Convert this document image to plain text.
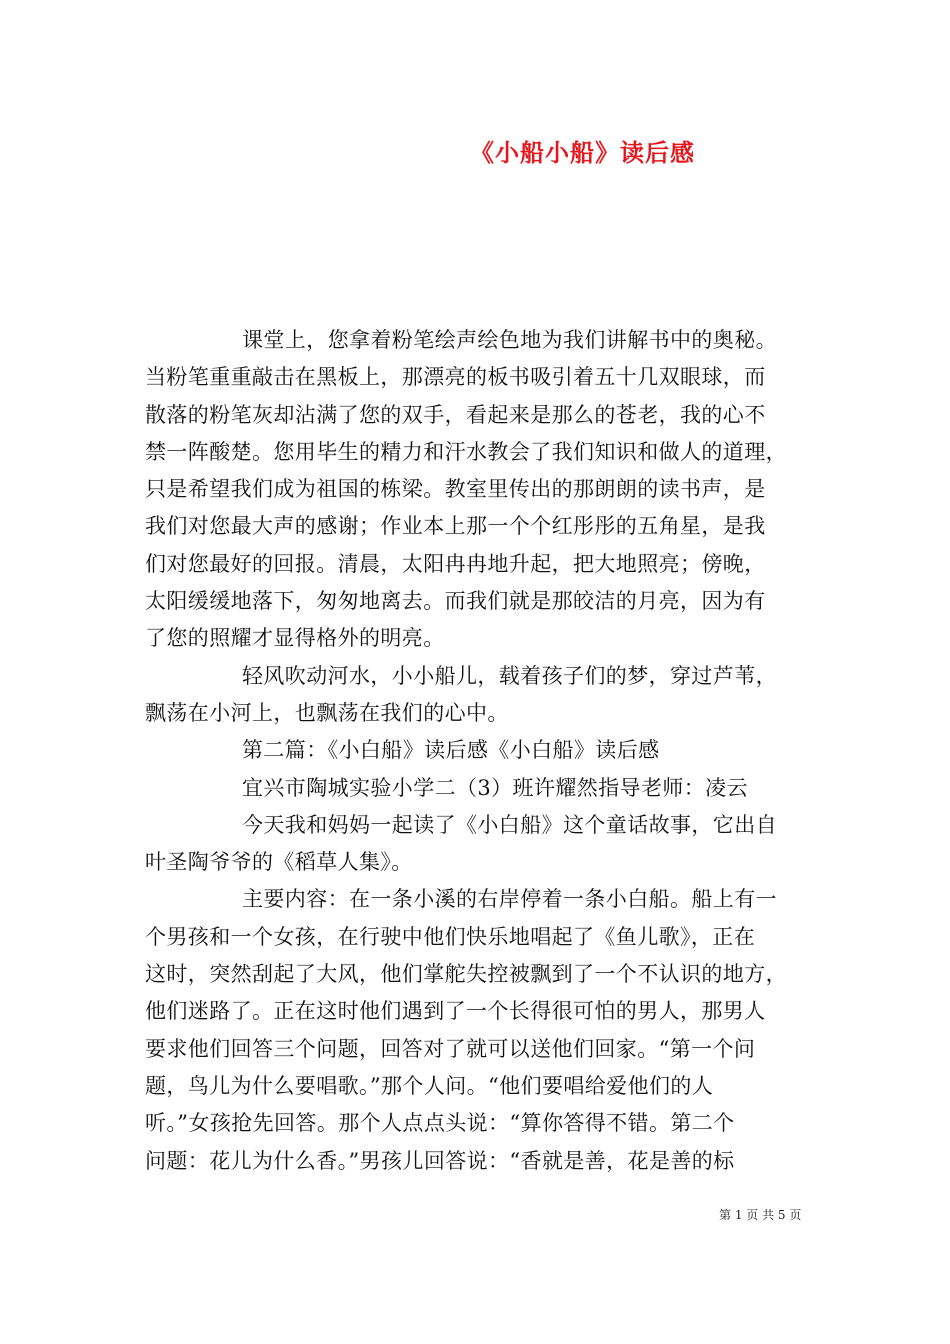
《小船小船》读后感
课堂上，您拿着粉笔绘声绘色地为我们讲解书中的奥秘。
当粉笔重重敲击在黑板上，那漂亮的板书吸引着五十几双眼球，而
散落的粉笔灰却沾满了您的双手，看起来是那么的苍老，我的心不
禁一阵酸楚。您用毕生的精力和汗水教会了我们知识和做人的道理，
只是希望我们成为祖国的栋梁。教室里传出的那朗朗的读书声，是
我们对您最大声的感谢；作业本上那一个个红彤彤的五角星，是我
们对您最好的回报。清晨，太阳冉冉地升起，把大地照亮；傍晚，
太阳缓缓地落下，匆匆地离去。而我们就是那皎洁的月亮，因为有
了您的照耀才显得格外的明亮。
轻风吹动河水，小小船儿，载着孩子们的梦，穿过芦苇，
飘荡在小河上，也飘荡在我们的心中。
第二篇：《小白船》读后感《小白船》读后感
宜兴市陶城实验小学二（3）班许耀然指导老师：凌云
今天我和妈妈一起读了《小白船》这个童话故事，它出自
叶圣陶爷爷的《稻草人集》。
主要内容：在一条小溪的右岸停着一条小白船。船上有一
个男孩和一个女孩，在行驶中他们快乐地唱起了《鱼儿歌》，正在
这时，突然刮起了大风，他们掌舵失控被飘到了一个不认识的地方，
他们迷路了。正在这时他们遇到了一个长得很可怕的男人，那男人
要求他们回答三个问题，回答对了就可以送他们回家。“第一个问
题，鸟儿为什么要唱歌。”那个人问。“他们要唱给爱他们的人
听。”女孩抢先回答。那个人点点头说：“算你答得不错。第二个
问题：花儿为什么香。”男孩儿回答说：“香就是善，花是善的标
第 1 页 共 5 页
